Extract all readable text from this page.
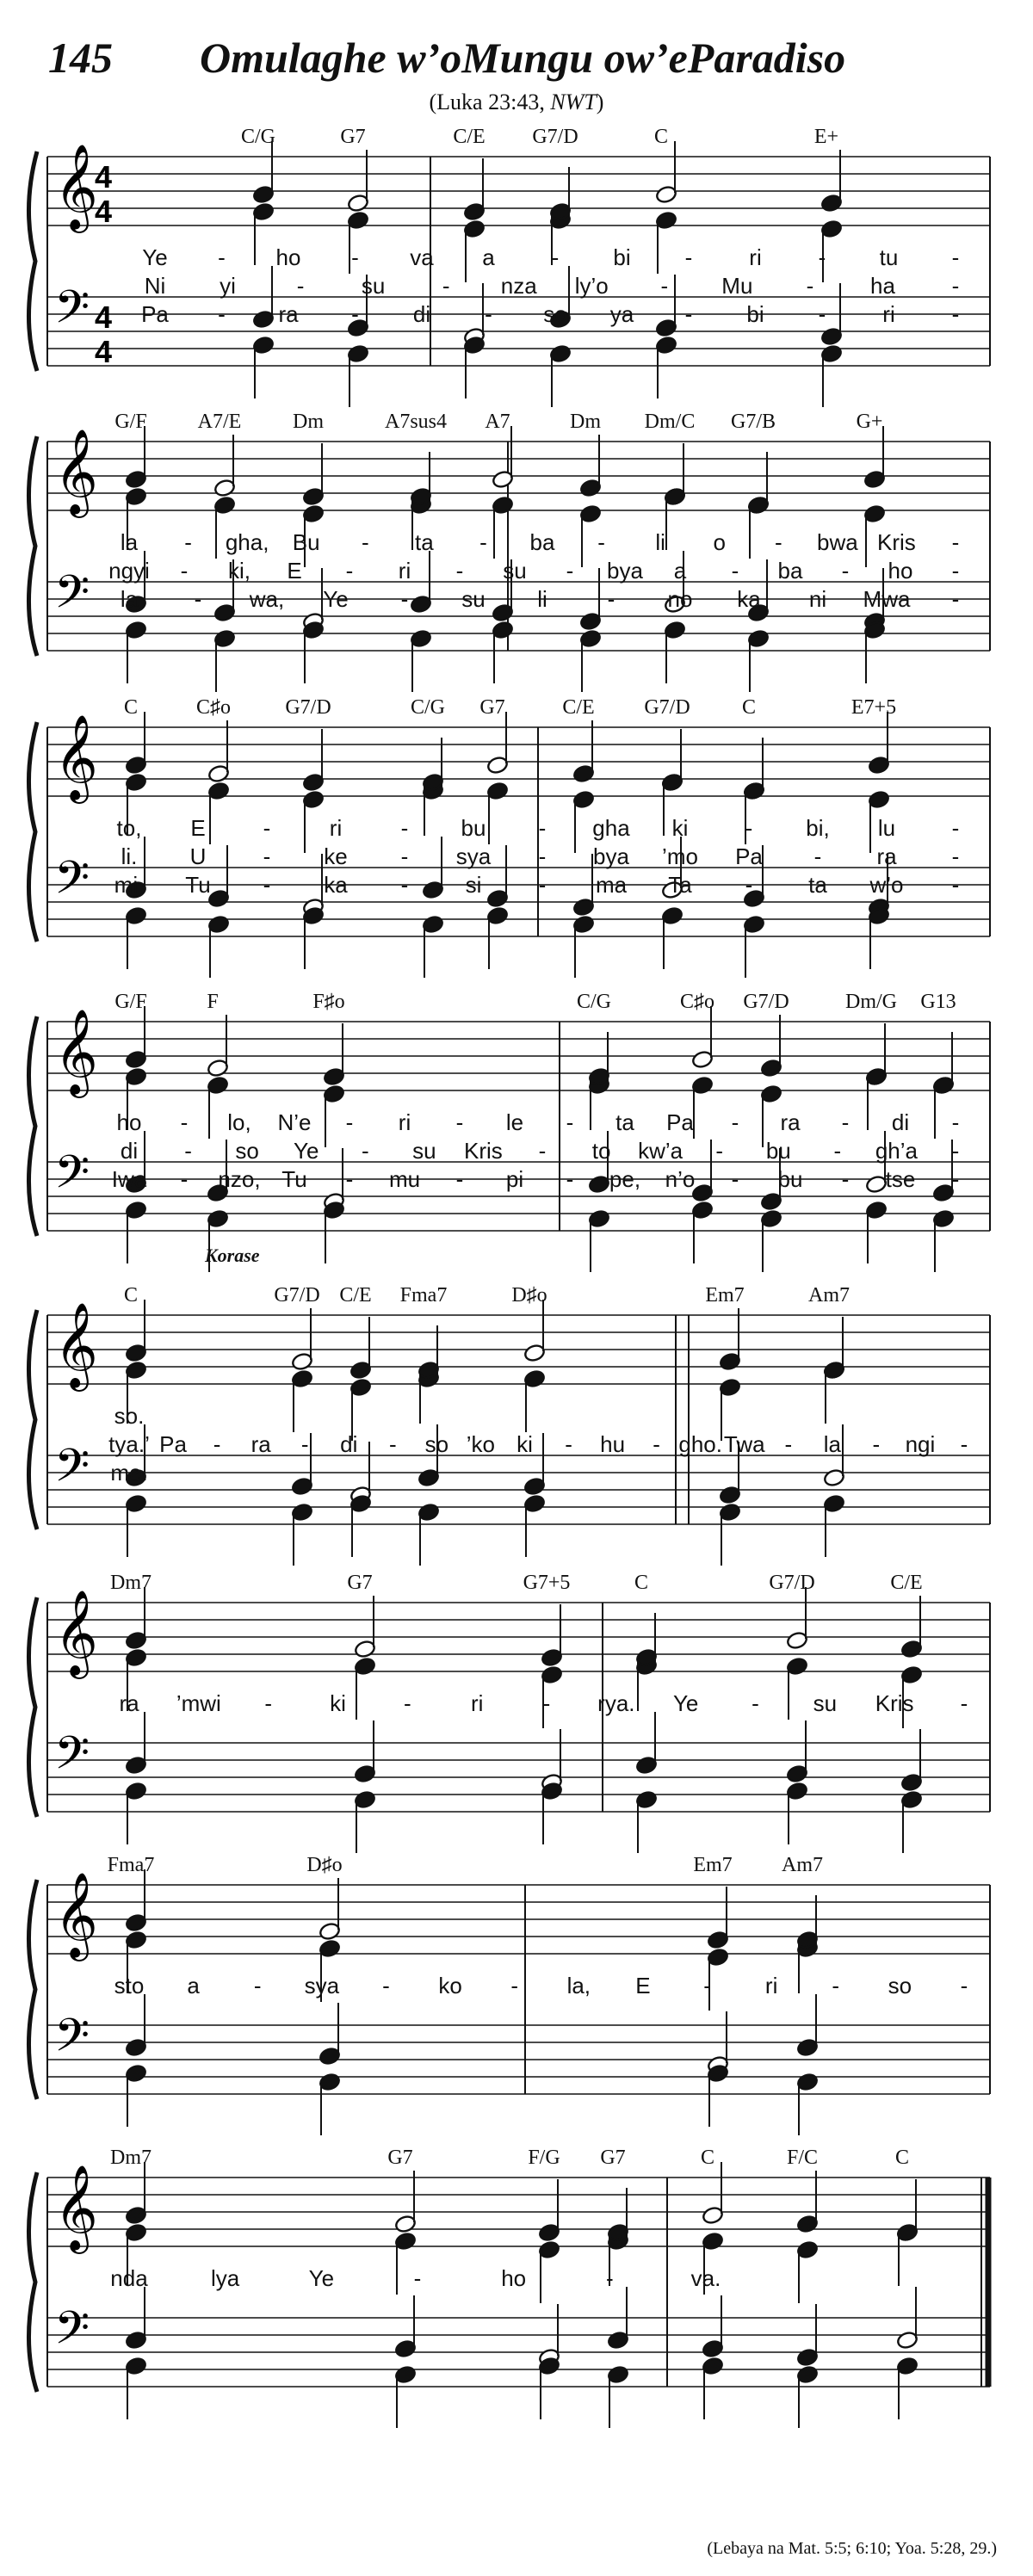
145 Omulaghe w’oMungu ow’eParadiso
(Luka 23:43, NWT)
𝄞
𝄢
4
4
4
4
C/G	G7	C/E G7/D	C	E+
Ye - ho - va a	- bi -	ri	- tu -
Ni yi	-	su	- nza ly’o - Mu -	ha	-
Pa - ra - di - so ya - bi -	ri	-
𝄞
𝄢
G/F A7/E Dm	A7sus4 A7	Dm Dm/C G7/B	G+
la - gha, Bu - ta - ba - li o - bwa Kris -
ngyi - ki, E - ri - su - bya a - ba - ho -
la	- wa, Ye - su li	- no ka ni Mwa -
𝄞
𝄢
C	C♯o	G7/D	C/G G7	C/E G7/D	C	E7+5
to, E	-	ri	- bu - gha ki	- bi, lu	-
li. U	- ke - sya - bya ’mo Pa - ra -
mi. Tu - ka -	si	- ma Ta - ta w’o -
𝄞
𝄢
G/F	F	F♯o	C/G	C♯o G7/D	Dm/G G13
ho - lo, N’e - ri - le - ta Pa - ra - di -
di - so Ye - su Kris - to kw’a - bu - gh’a -
Iwa - nzo, Tu - mu - pi - pe, n’o - bu - tse -
𝄞
𝄢
C	G7/D C/E Fma7	D♯o	Em7	Am7
Korase
so.
tya.’ Pa - ra - di - so ’ko ki - hu - gho. Twa - la - ngi -
me.
𝄞
𝄢
Dm7	G7	G7+5	C	G7/D	C/E
ra ’mwi -	ki	-	ri	- rya. Ye - su Kris -
𝄞
𝄢
Fma7	D♯o	Em7 Am7
sto a - sya - ko - la, E - ri - so -
𝄞
𝄢
Dm7	G7	F/G G7	C	F/C	C
nda	lya	Ye	-	ho	-	va.
(Lebaya na Mat. 5:5; 6:10; Yoa. 5:28, 29.)
